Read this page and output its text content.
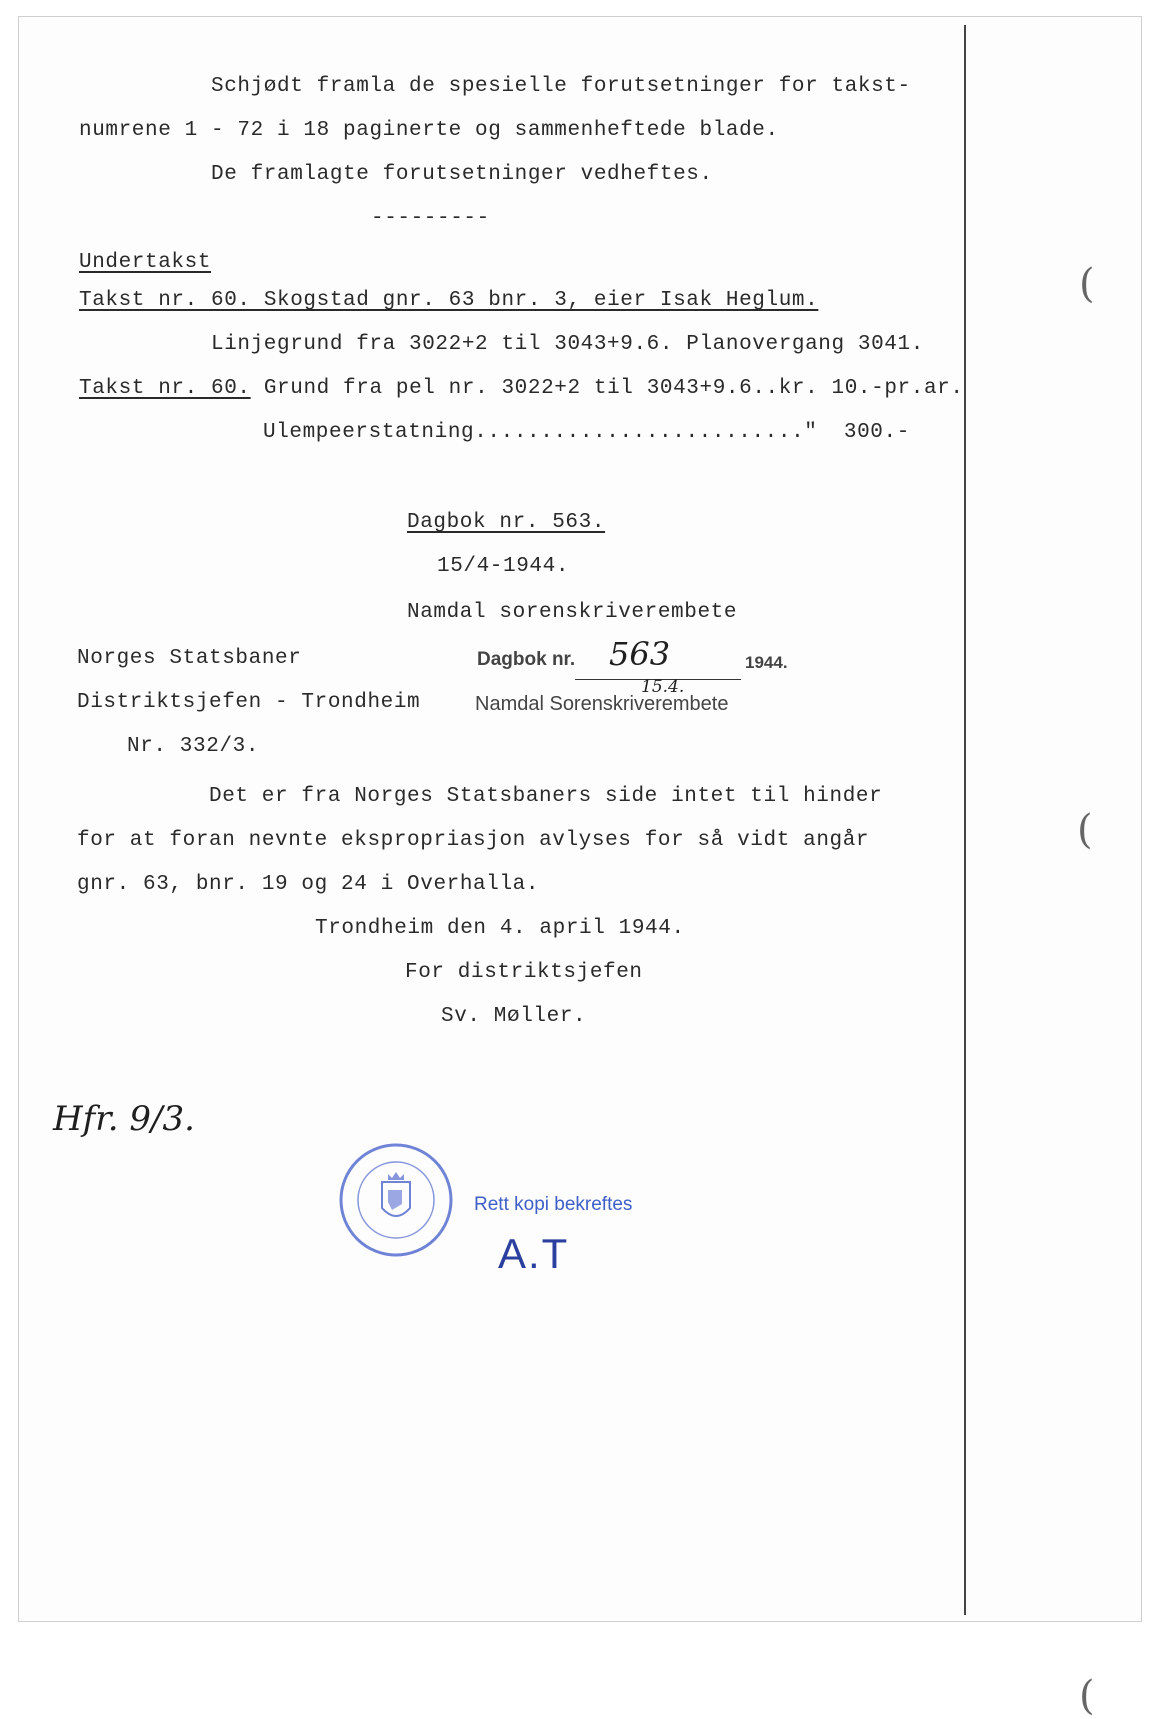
Schjødt framla de spesielle forutsetninger for takst-
numrene 1 - 72 i 18 paginerte og sammenheftede blade.
De framlagte forutsetninger vedheftes.
---------
Undertakst
Takst nr. 60. Skogstad gnr. 63 bnr. 3, eier Isak Heglum.
Linjegrund fra 3022+2 til 3043+9.6. Planovergang 3041.
Takst nr. 60. Grund fra pel nr. 3022+2 til 3043+9.6..kr. 10.-pr.ar.
Ulempeerstatning........................."  300.-
Dagbok nr. 563.
15/4-1944.
Namdal sorenskriverembete
Norges Statsbaner
Distriktsjefen - Trondheim
Nr. 332/3.
Dagbok nr. 563	1944.
15.4.
Namdal Sorenskriverembete
Det er fra Norges Statsbaners side intet til hinder
for at foran nevnte ekspropriasjon avlyses for så vidt angår
gnr. 63, bnr. 19 og 24 i Overhalla.
Trondheim den 4. april 1944.
For distriktsjefen
Sv. Møller.
Hfr. 9/3.
(
(
(
Rett kopi bekreftes
A.T
